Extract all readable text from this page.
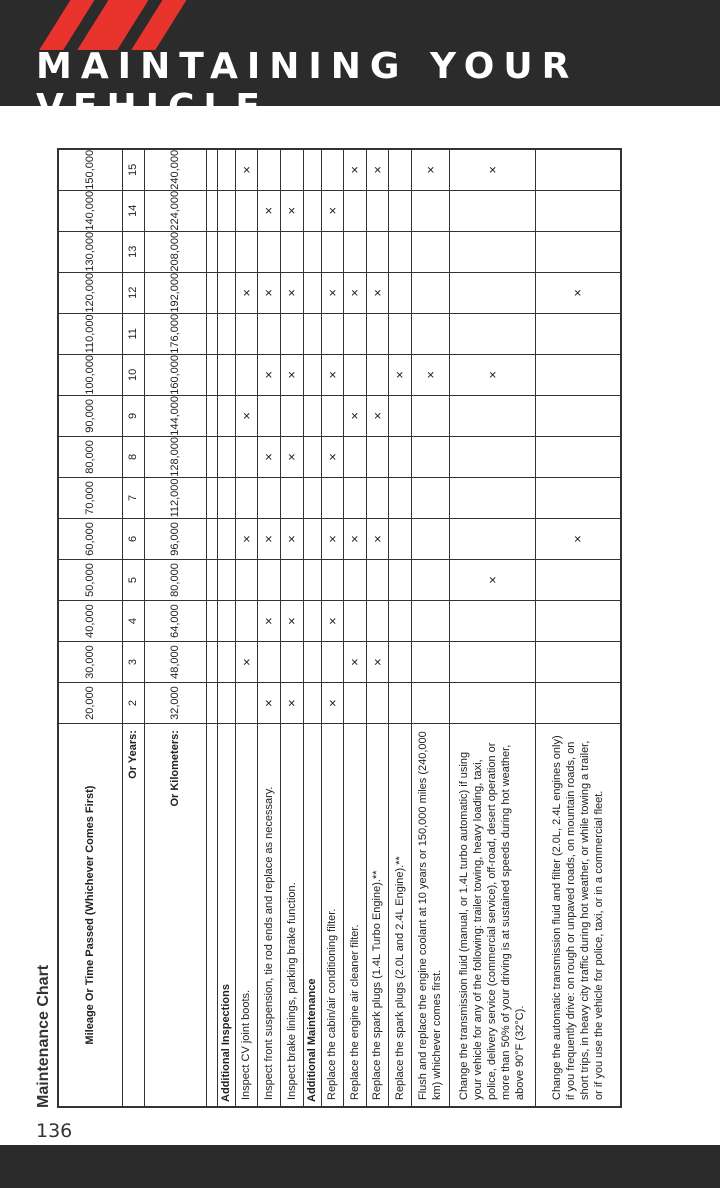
MAINTAINING YOUR VEHICLE
Maintenance Chart	Mileage Or Time Passed (Whichever Comes First)	20,000	30,000	40,000	50,000	60,000	70,000	80,000	90,000	100,000	110,000	120,000	130,000	140,000	150,000
Or Years:	2	3	4	5	6	7	8	9	10	11	12	13	14	15
Or Kilometers:	32,000	48,000	64,000	80,000	96,000	112,000	128,000	144,000	160,000	176,000	192,000	208,000	224,000	240,000

Additional Inspections														
Inspect CV joint boots.		×			×			×			×			×
Inspect front suspension, tie rod ends and replace as necessary.	×		×		×		×		×		×		×	
Inspect brake linings, parking brake function.	×		×		×		×		×		×		×	
Additional Maintenance														
Replace the cabin/air conditioning filter.	×		×		×		×		×		×		×	
Replace the engine air cleaner filter.		×			×			×			×			×
Replace the spark plugs (1.4L Turbo Engine).**		×			×			×			×			×
Replace the spark plugs (2.0L and 2.4L Engine).**									×					
Flush and replace the engine coolant at 10 years or 150,000 miles (240,000 km) whichever comes first.									×					×
Change the transmission fluid (manual, or 1.4L turbo automatic) if using your vehicle for any of the following: trailer towing, heavy loading, taxi, police, delivery service (commercial service), off-road, desert operation or more than 50% of your driving is at sustained speeds during hot weather, above 90°F (32°C).				×					×					×
Change the automatic transmission fluid and filter (2.0L, 2.4L engines only) if you frequently drive: on rough or unpaved roads, on mountain roads, on short trips, in heavy city traffic during hot weather, or while towing a trailer, or if you use the vehicle for police, taxi, or in a commercial fleet.					×						×			
136
